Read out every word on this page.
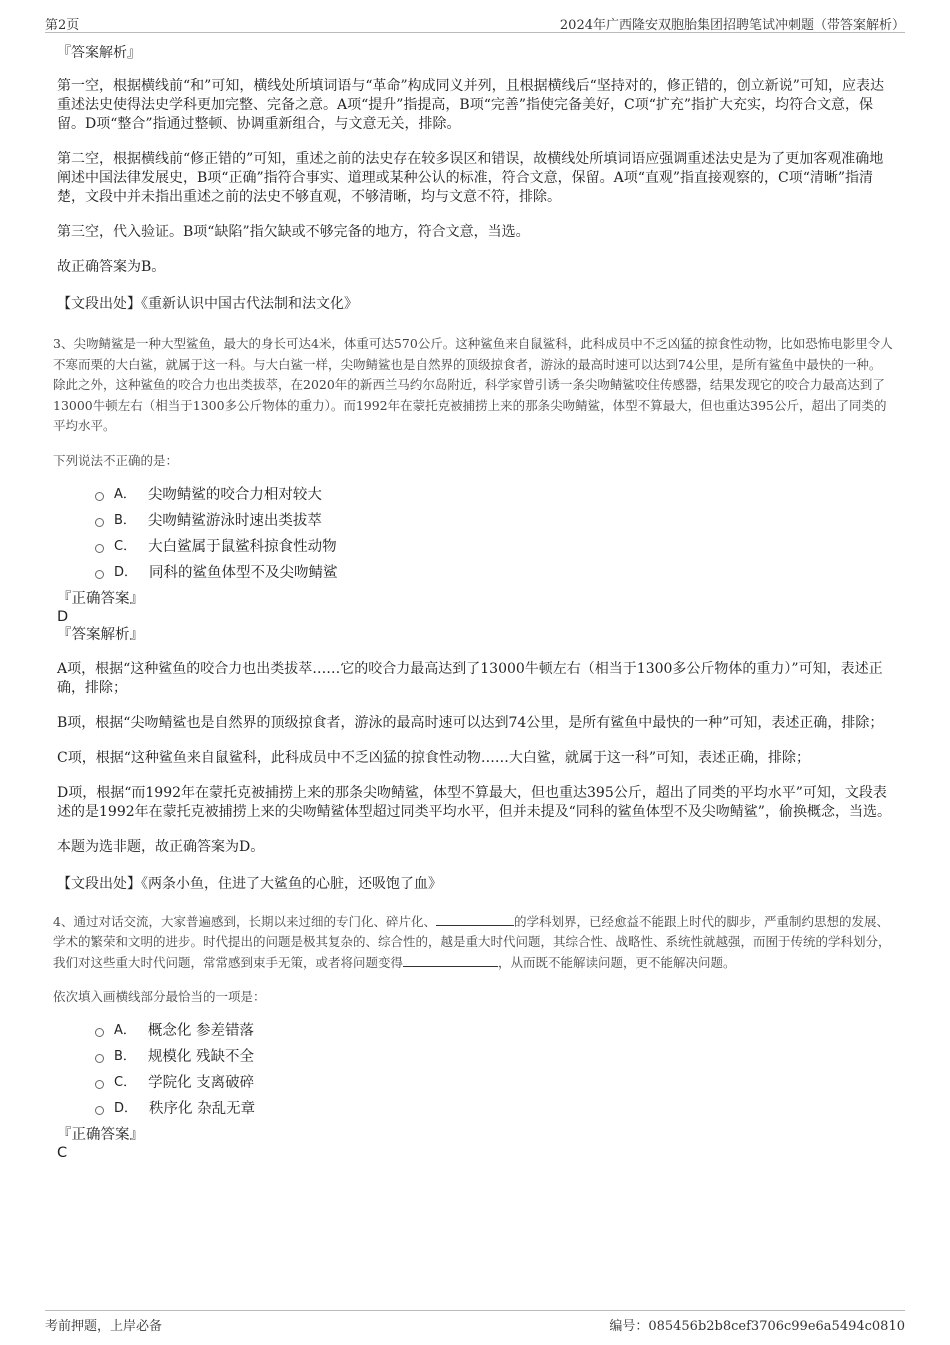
第2页	2024年广西隆安双胞胎集团招聘笔试冲刺题（带答案解析）

『答案解析』

第一空，根据横线前“和”可知，横线处所填词语与“革命”构成同义并列，且根据横线后“坚持对的，修正错的，创立新说”可知，应表达重述法史使得法史学科更加完整、完备之意。A项“提升”指提高，B项“完善”指使完备美好，C项“扩充”指扩大充实，均符合文意，保留。D项“整合”指通过整顿、协调重新组合，与文意无关，排除。

第二空，根据横线前“修正错的”可知，重述之前的法史存在较多误区和错误，故横线处所填词语应强调重述法史是为了更加客观准确地阐述中国法律发展史，B项“正确”指符合事实、道理或某种公认的标准，符合文意，保留。A项“直观”指直接观察的，C项“清晰”指清楚，文段中并未指出重述之前的法史不够直观，不够清晰，均与文意不符，排除。

第三空，代入验证。B项“缺陷”指欠缺或不够完备的地方，符合文意，当选。

故正确答案为B。

【文段出处】《重新认识中国古代法制和法文化》

3、尖吻鲭鲨是一种大型鲨鱼，最大的身长可达4米，体重可达570公斤。这种鲨鱼来自鼠鲨科，此科成员中不乏凶猛的掠食性动物，比如恐怖电影里令人不寒而栗的大白鲨，就属于这一科。与大白鲨一样，尖吻鲭鲨也是自然界的顶级掠食者，游泳的最高时速可以达到74公里，是所有鲨鱼中最快的一种。除此之外，这种鲨鱼的咬合力也出类拔萃，在2020年的新西兰马约尔岛附近，科学家曾引诱一条尖吻鲭鲨咬住传感器，结果发现它的咬合力最高达到了13000牛顿左右（相当于1300多公斤物体的重力）。而1992年在蒙托克被捕捞上来的那条尖吻鲭鲨，体型不算最大，但也重达395公斤，超出了同类的平均水平。

下列说法不正确的是：

A． 尖吻鲭鲨的咬合力相对较大
B． 尖吻鲭鲨游泳时速出类拔萃
C． 大白鲨属于鼠鲨科掠食性动物
D． 同科的鲨鱼体型不及尖吻鲭鲨

『正确答案』

D

『答案解析』

A项，根据“这种鲨鱼的咬合力也出类拔萃……它的咬合力最高达到了13000牛顿左右（相当于1300多公斤物体的重力）”可知，表述正确，排除；

B项，根据“尖吻鲭鲨也是自然界的顶级掠食者，游泳的最高时速可以达到74公里，是所有鲨鱼中最快的一种”可知，表述正确，排除；

C项，根据“这种鲨鱼来自鼠鲨科，此科成员中不乏凶猛的掠食性动物……大白鲨，就属于这一科”可知，表述正确，排除；

D项，根据“而1992年在蒙托克被捕捞上来的那条尖吻鲭鲨，体型不算最大，但也重达395公斤，超出了同类的平均水平”可知，文段表述的是1992年在蒙托克被捕捞上来的尖吻鲭鲨体型超过同类平均水平，但并未提及“同科的鲨鱼体型不及尖吻鲭鲨”，偷换概念，当选。

本题为选非题，故正确答案为D。

【文段出处】《两条小鱼，住进了大鲨鱼的心脏，还吸饱了血》

4、通过对话交流，大家普遍感到，长期以来过细的专门化、碎片化、	的学科划界，已经愈益不能跟上时代的脚步，严重制约思想的发展、学术的繁荣和文明的进步。时代提出的问题是极其复杂的、综合性的，越是重大时代问题，其综合性、战略性、系统性就越强，而囿于传统的学科划分，我们对这些重大时代问题，常常感到束手无策，或者将问题变得	，从而既不能解读问题，更不能解决问题。

依次填入画横线部分最恰当的一项是：

A． 概念化 参差错落
B． 规模化 残缺不全
C． 学院化 支离破碎
D． 秩序化 杂乱无章

『正确答案』

C

考前押题，上岸必备	编号：085456b2b8cef3706c99e6a5494c0810
